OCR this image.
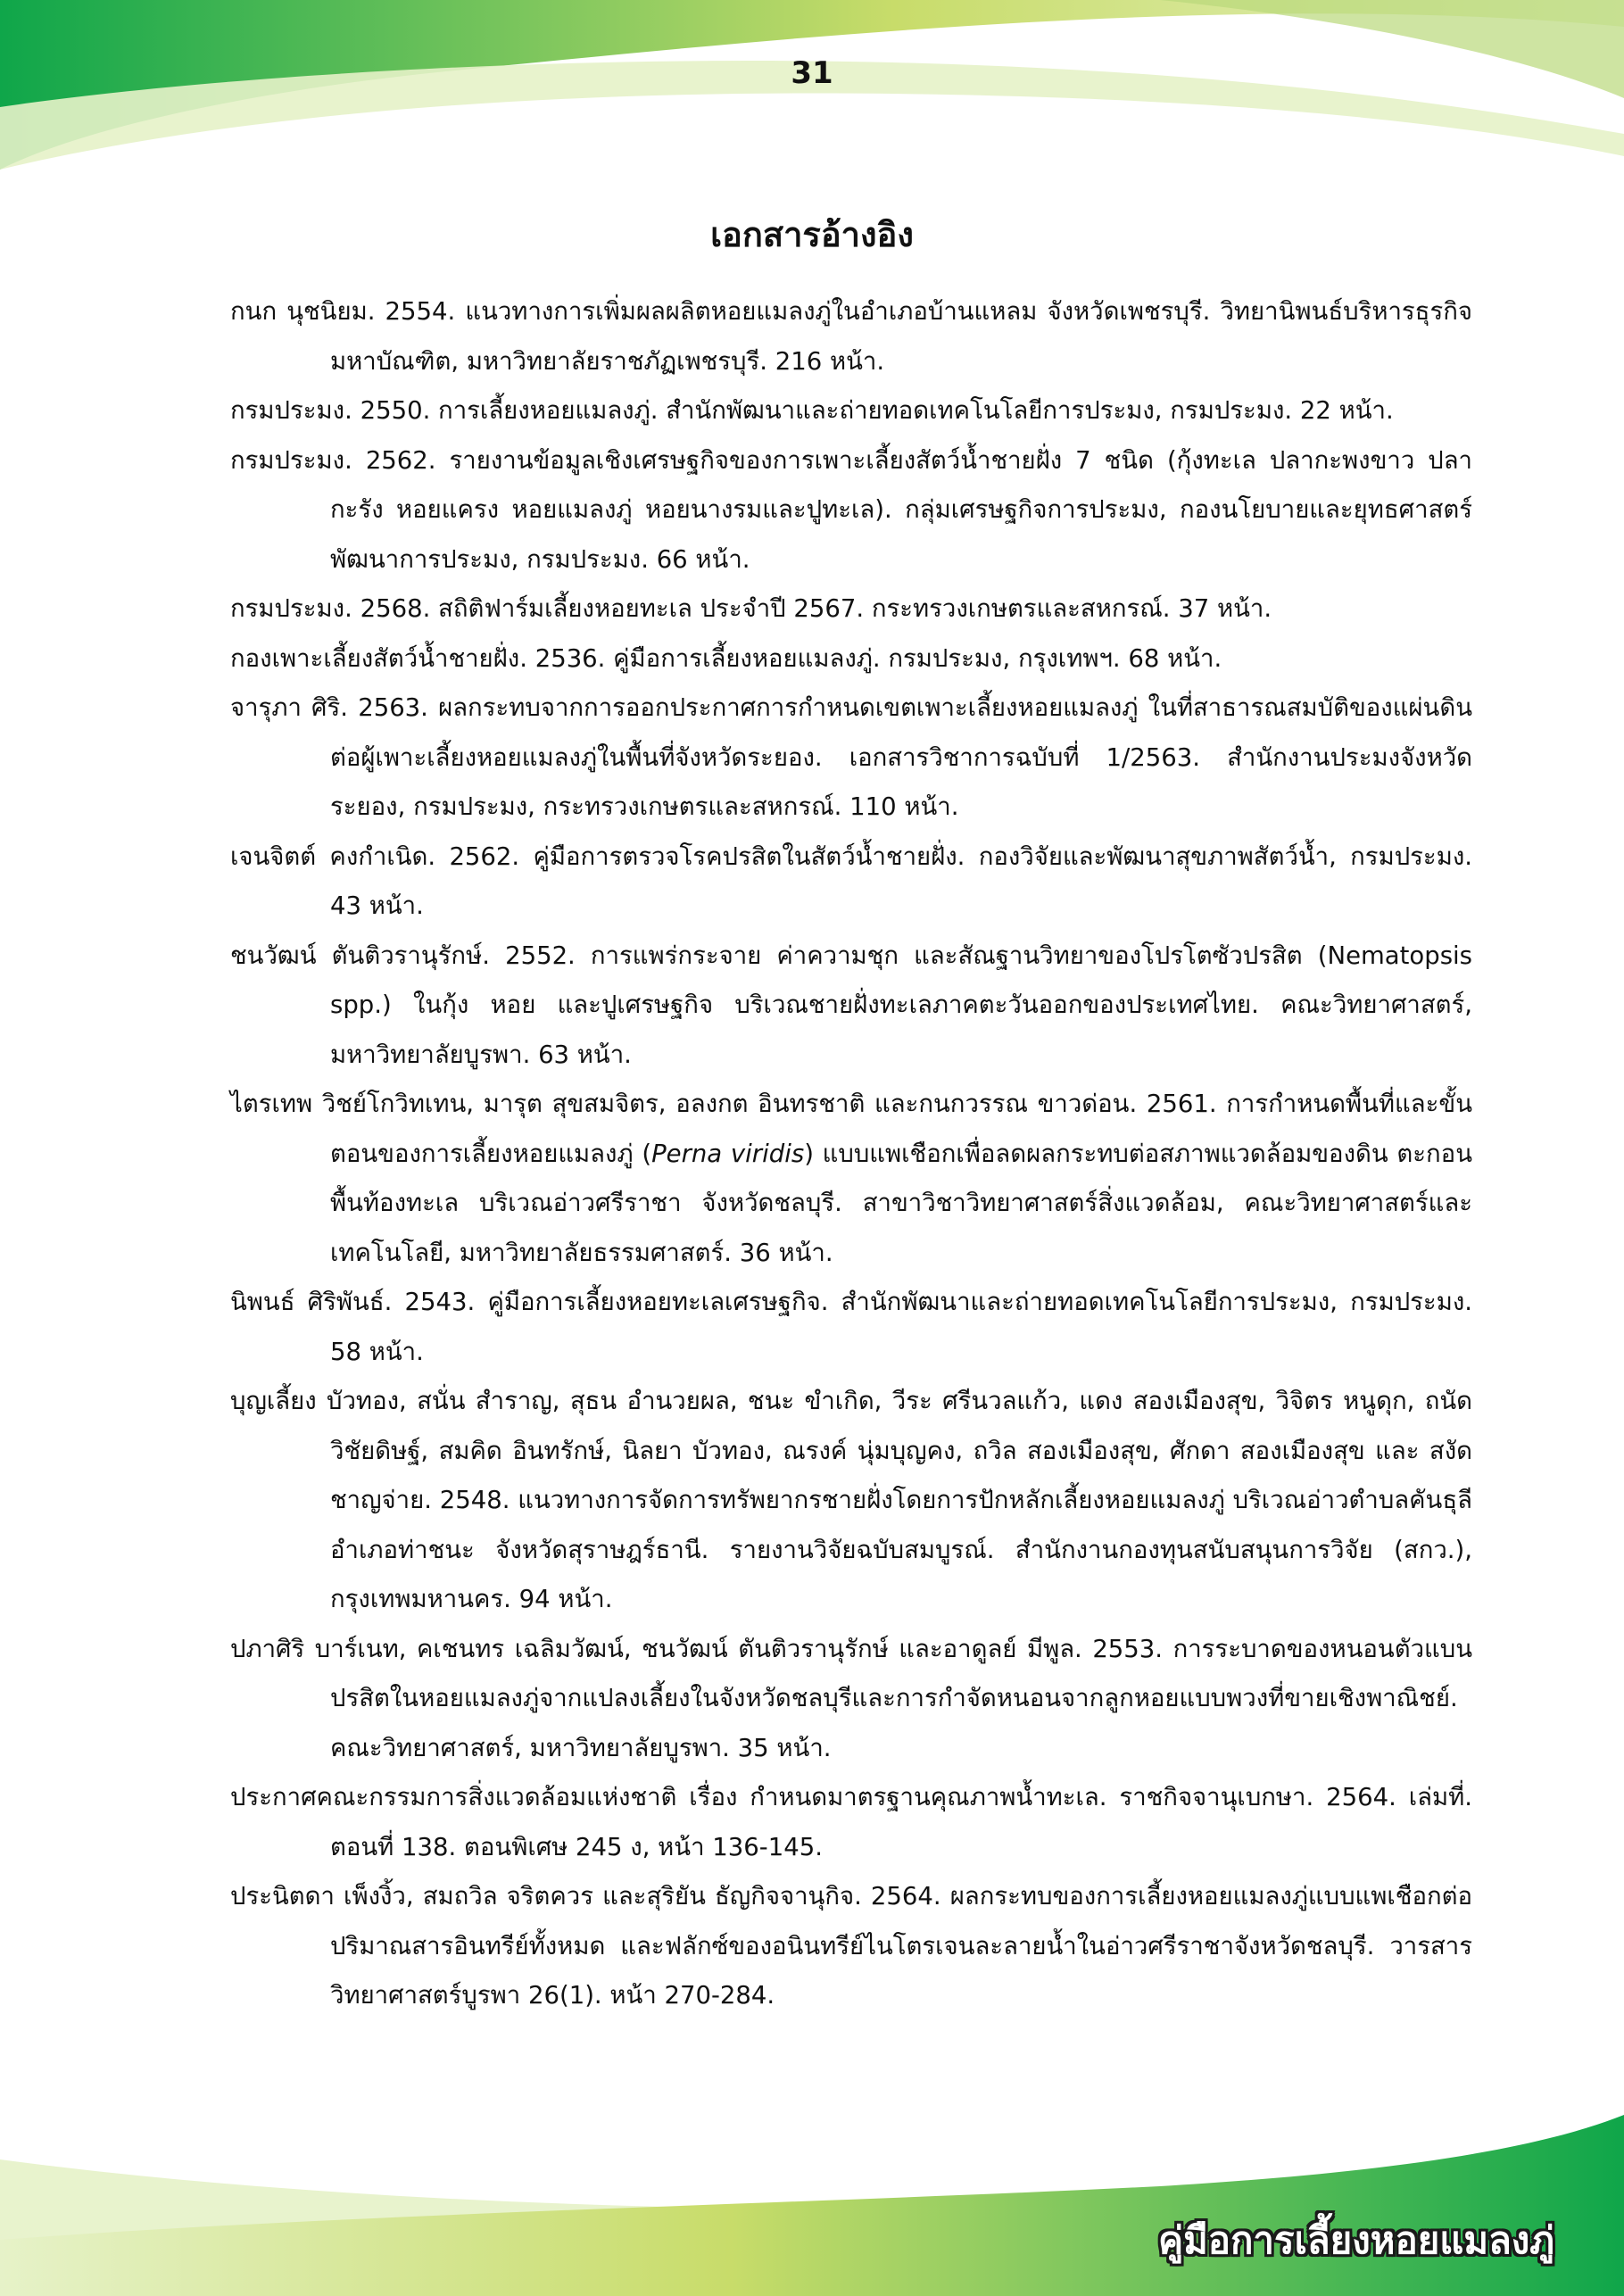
31
เอกสารอ้างอิง

กนก นุชนิยม. 2554. แนวทางการเพิ่มผลผลิตหอยแมลงภู่ในอำเภอบ้านแหลม จังหวัดเพชรบุรี. วิทยานิพนธ์บริหารธุรกิจมหาบัณฑิต, มหาวิทยาลัยราชภัฏเพชรบุรี. 216 หน้า.

กรมประมง. 2550. การเลี้ยงหอยแมลงภู่. สำนักพัฒนาและถ่ายทอดเทคโนโลยีการประมง, กรมประมง. 22 หน้า.

กรมประมง. 2562. รายงานข้อมูลเชิงเศรษฐกิจของการเพาะเลี้ยงสัตว์น้ำชายฝั่ง 7 ชนิด (กุ้งทะเล ปลากะพงขาว ปลากะรัง หอยแครง หอยแมลงภู่ หอยนางรมและปูทะเล). กลุ่มเศรษฐกิจการประมง, กองนโยบายและยุทธศาสตร์พัฒนาการประมง, กรมประมง. 66 หน้า.

กรมประมง. 2568. สถิติฟาร์มเลี้ยงหอยทะเล ประจำปี 2567. กระทรวงเกษตรและสหกรณ์. 37 หน้า.

กองเพาะเลี้ยงสัตว์น้ำชายฝั่ง. 2536. คู่มือการเลี้ยงหอยแมลงภู่. กรมประมง, กรุงเทพฯ. 68 หน้า.

จารุภา ศิริ. 2563. ผลกระทบจากการออกประกาศการกำหนดเขตเพาะเลี้ยงหอยแมลงภู่ ในที่สาธารณสมบัติของแผ่นดินต่อผู้เพาะเลี้ยงหอยแมลงภู่ในพื้นที่จังหวัดระยอง. เอกสารวิชาการฉบับที่ 1/2563. สำนักงานประมงจังหวัดระยอง, กรมประมง, กระทรวงเกษตรและสหกรณ์. 110 หน้า.

เจนจิตต์ คงกำเนิด. 2562. คู่มือการตรวจโรคปรสิตในสัตว์น้ำชายฝั่ง. กองวิจัยและพัฒนาสุขภาพสัตว์น้ำ, กรมประมง. 43 หน้า.

ชนวัฒน์ ตันติวรานุรักษ์. 2552. การแพร่กระจาย ค่าความชุก และสัณฐานวิทยาของโปรโตซัวปรสิต (Nematopsis spp.) ในกุ้ง หอย และปูเศรษฐกิจ บริเวณชายฝั่งทะเลภาคตะวันออกของประเทศไทย. คณะวิทยาศาสตร์, มหาวิทยาลัยบูรพา. 63 หน้า.

ไตรเทพ วิชย์โกวิทเทน, มารุต สุขสมจิตร, อลงกต อินทรชาติ และกนกวรรณ ขาวด่อน. 2561. การกำหนดพื้นที่และขั้นตอนของการเลี้ยงหอยแมลงภู่ (Perna viridis) แบบแพเชือกเพื่อลดผลกระทบต่อสภาพแวดล้อมของดิน ตะกอนพื้นท้องทะเล บริเวณอ่าวศรีราชา จังหวัดชลบุรี. สาขาวิชาวิทยาศาสตร์สิ่งแวดล้อม, คณะวิทยาศาสตร์และเทคโนโลยี, มหาวิทยาลัยธรรมศาสตร์. 36 หน้า.

นิพนธ์ ศิริพันธ์. 2543. คู่มือการเลี้ยงหอยทะเลเศรษฐกิจ. สำนักพัฒนาและถ่ายทอดเทคโนโลยีการประมง, กรมประมง. 58 หน้า.

บุญเลี้ยง บัวทอง, สนั่น สำราญ, สุธน อำนวยผล, ชนะ ขำเกิด, วีระ ศรีนวลแก้ว, แดง สองเมืองสุข, วิจิตร หนูดุก, ถนัด วิชัยดิษฐ์, สมคิด อินทรักษ์, นิลยา บัวทอง, ณรงค์ นุ่มบุญคง, ถวิล สองเมืองสุข, ศักดา สองเมืองสุข และ สงัด ชาญจ่าย. 2548. แนวทางการจัดการทรัพยากรชายฝั่งโดยการปักหลักเลี้ยงหอยแมลงภู่ บริเวณอ่าวตำบลคันธุลี อำเภอท่าชนะ จังหวัดสุราษฎร์ธานี. รายงานวิจัยฉบับสมบูรณ์. สำนักงานกองทุนสนับสนุนการวิจัย (สกว.), กรุงเทพมหานคร. 94 หน้า.

ปภาศิริ บาร์เนท, คเชนทร เฉลิมวัฒน์, ชนวัฒน์ ตันติวรานุรักษ์ และอาดูลย์ มีพูล. 2553. การระบาดของหนอนตัวแบนปรสิตในหอยแมลงภู่จากแปลงเลี้ยงในจังหวัดชลบุรีและการกำจัดหนอนจากลูกหอยแบบพวงที่ขายเชิงพาณิชย์. คณะวิทยาศาสตร์, มหาวิทยาลัยบูรพา. 35 หน้า.

ประกาศคณะกรรมการสิ่งแวดล้อมแห่งชาติ เรื่อง กำหนดมาตรฐานคุณภาพน้ำทะเล. ราชกิจจานุเบกษา. 2564. เล่มที่. ตอนที่ 138. ตอนพิเศษ 245 ง, หน้า 136-145.

ประนิตดา เพ็งงิ้ว, สมถวิล จริตควร และสุริยัน ธัญกิจจานุกิจ. 2564. ผลกระทบของการเลี้ยงหอยแมลงภู่แบบแพเชือกต่อปริมาณสารอินทรีย์ทั้งหมด และฟลักซ์ของอนินทรีย์ไนโตรเจนละลายน้ำในอ่าวศรีราชาจังหวัดชลบุรี. วารสารวิทยาศาสตร์บูรพา 26(1). หน้า 270-284.

คู่มือการเลี้ยงหอยแมลงภู่
